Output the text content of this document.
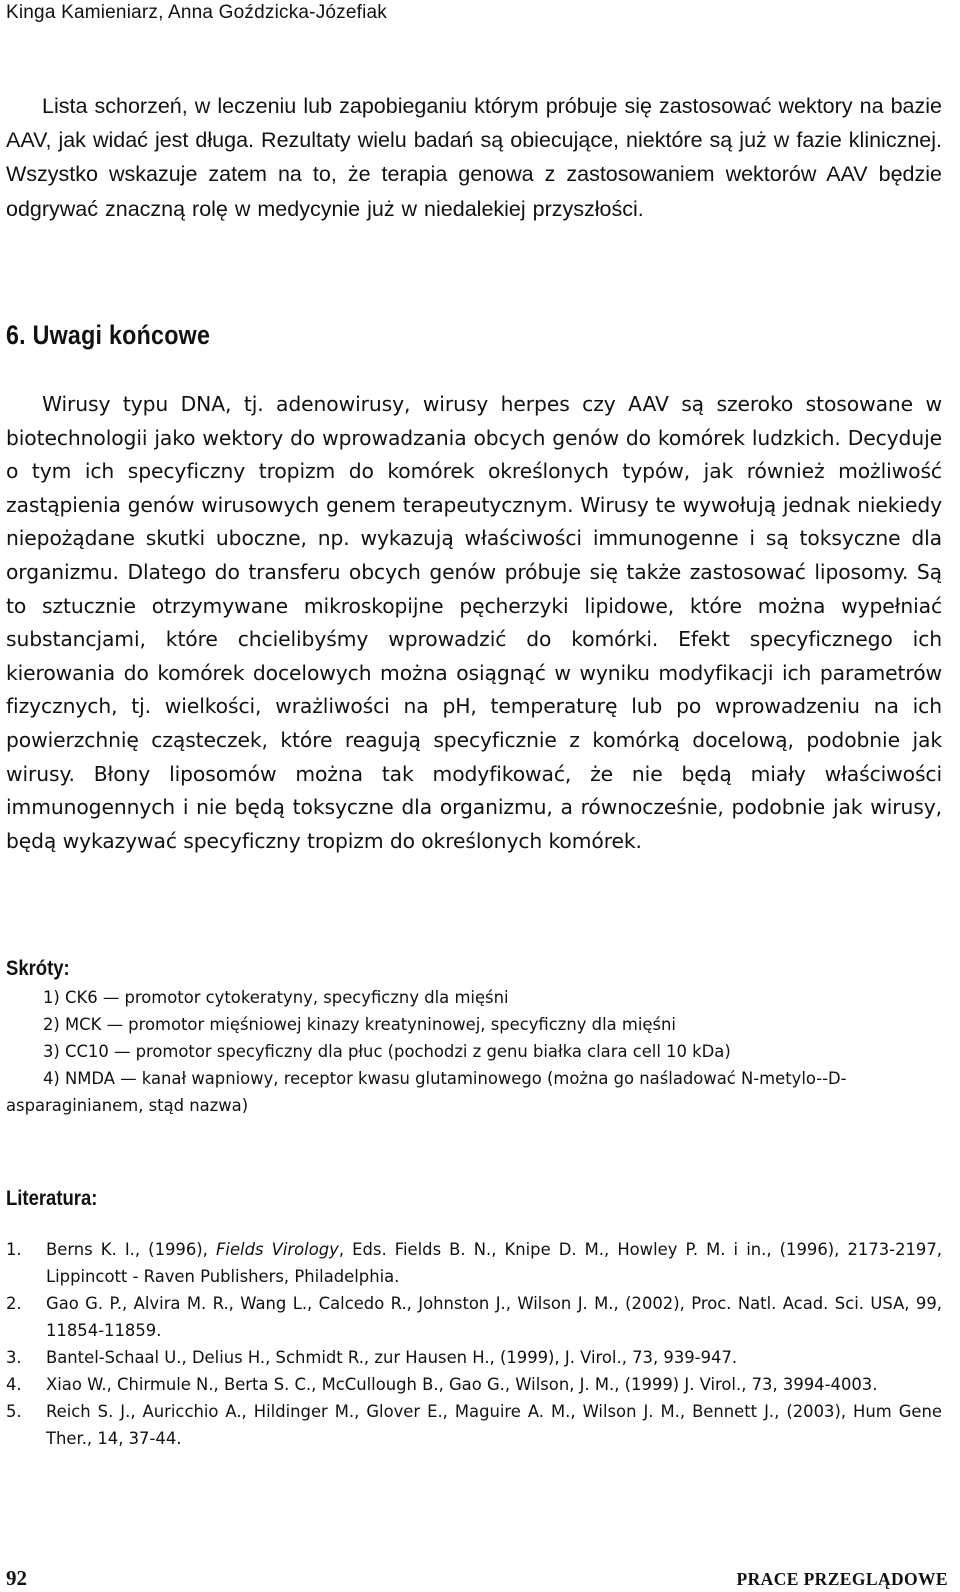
Kinga Kamieniarz, Anna Goździcka-Józefiak

Lista schorzeń, w leczeniu lub zapobieganiu którym próbuje się zastosować wektory na bazie AAV, jak widać jest długa. Rezultaty wielu badań są obiecujące, niektóre są już w fazie klinicznej. Wszystko wskazuje zatem na to, że terapia genowa z zastosowaniem wektorów AAV będzie odgrywać znaczną rolę w medycynie już w niedalekiej przyszłości.

6. Uwagi końcowe

Wirusy typu DNA, tj. adenowirusy, wirusy herpes czy AAV są szeroko stosowane w biotechnologii jako wektory do wprowadzania obcych genów do komórek ludzkich. Decyduje o tym ich specyficzny tropizm do komórek określonych typów, jak również możliwość zastąpienia genów wirusowych genem terapeutycznym. Wirusy te wywołują jednak niekiedy niepożądane skutki uboczne, np. wykazują właściwości immunogenne i są toksyczne dla organizmu. Dlatego do transferu obcych genów próbuje się także zastosować liposomy. Są to sztucznie otrzymywane mikroskopijne pęcherzyki lipidowe, które można wypełniać substancjami, które chcielibyśmy wprowadzić do komórki. Efekt specyficznego ich kierowania do komórek docelowych można osiągnąć w wyniku modyfikacji ich parametrów fizycznych, tj. wielkości, wrażliwości na pH, temperaturę lub po wprowadzeniu na ich powierzchnię cząsteczek, które reagują specyficznie z komórką docelową, podobnie jak wirusy. Błony liposomów można tak modyfikować, że nie będą miały właściwości immunogennych i nie będą toksyczne dla organizmu, a równocześnie, podobnie jak wirusy, będą wykazywać specyficzny tropizm do określonych komórek.

Skróty:
1) CK6 — promotor cytokeratyny, specyficzny dla mięśni
2) MCK — promotor mięśniowej kinazy kreatyninowej, specyficzny dla mięśni
3) CC10 — promotor specyficzny dla płuc (pochodzi z genu białka clara cell 10 kDa)
4) NMDA — kanał wapniowy, receptor kwasu glutaminowego (można go naśladować N-metylo--D-asparaginianem, stąd nazwa)
Literatura:
1. Berns K. I., (1996), Fields Virology, Eds. Fields B. N., Knipe D. M., Howley P. M. i in., (1996), 2173-2197, Lippincott - Raven Publishers, Philadelphia.
2. Gao G. P., Alvira M. R., Wang L., Calcedo R., Johnston J., Wilson J. M., (2002), Proc. Natl. Acad. Sci. USA, 99, 11854-11859.
3. Bantel-Schaal U., Delius H., Schmidt R., zur Hausen H., (1999), J. Virol., 73, 939-947.
4. Xiao W., Chirmule N., Berta S. C., McCullough B., Gao G., Wilson, J. M., (1999) J. Virol., 73, 3994-4003.
5. Reich S. J., Auricchio A., Hildinger M., Glover E., Maguire A. M., Wilson J. M., Bennett J., (2003), Hum Gene Ther., 14, 37-44.
92	PRACE PRZEGLĄDOWE
